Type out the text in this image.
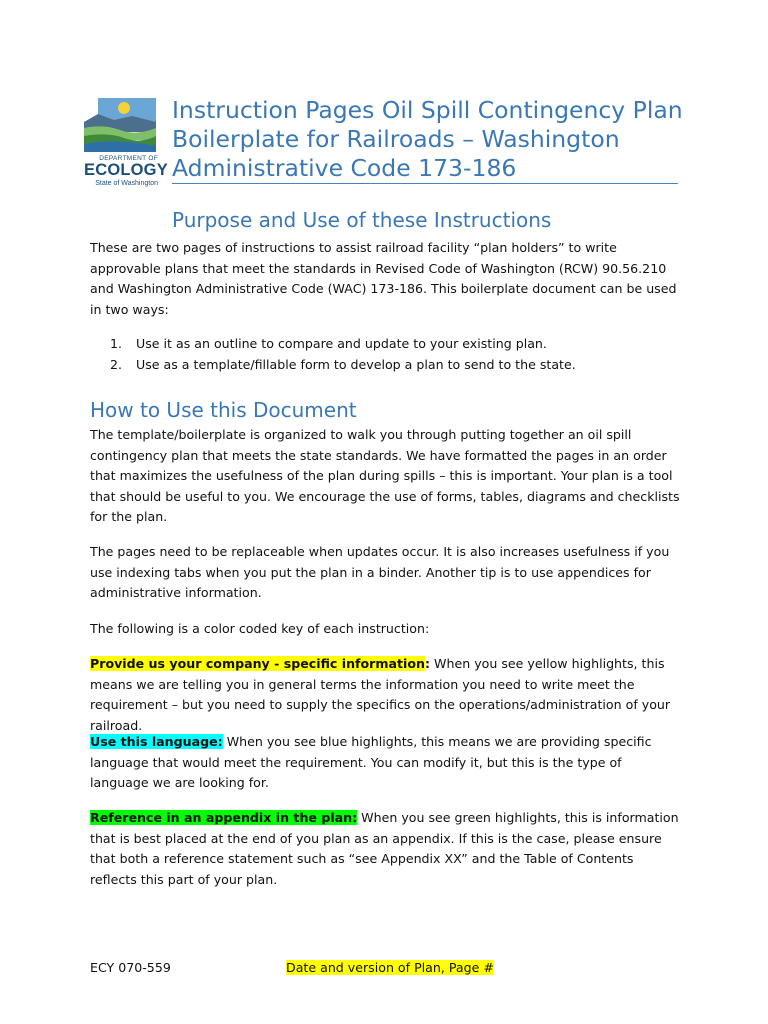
DEPARTMENT OF
ECOLOGY
State of Washington
Instruction Pages Oil Spill Contingency Plan Boilerplate for Railroads – Washington Administrative Code 173-186
Purpose and Use of these Instructions
These are two pages of instructions to assist railroad facility “plan holders” to write approvable plans that meet the standards in Revised Code of Washington (RCW) 90.56.210 and Washington Administrative Code (WAC) 173-186. This boilerplate document can be used in two ways:
1. Use it as an outline to compare and update to your existing plan.
2. Use as a template/fillable form to develop a plan to send to the state.
How to Use this Document
The template/boilerplate is organized to walk you through putting together an oil spill contingency plan that meets the state standards. We have formatted the pages in an order that maximizes the usefulness of the plan during spills – this is important. Your plan is a tool that should be useful to you. We encourage the use of forms, tables, diagrams and checklists for the plan.
The pages need to be replaceable when updates occur. It is also increases usefulness if you use indexing tabs when you put the plan in a binder. Another tip is to use appendices for administrative information.
The following is a color coded key of each instruction:
Provide us your company - specific information: When you see yellow highlights, this means we are telling you in general terms the information you need to write meet the requirement – but you need to supply the specifics on the operations/administration of your railroad.
Use this language: When you see blue highlights, this means we are providing specific language that would meet the requirement. You can modify it, but this is the type of language we are looking for.
Reference in an appendix in the plan: When you see green highlights, this is information that is best placed at the end of you plan as an appendix. If this is the case, please ensure that both a reference statement such as “see Appendix XX” and the Table of Contents reflects this part of your plan.
ECY 070-559	Date and version of Plan, Page #
